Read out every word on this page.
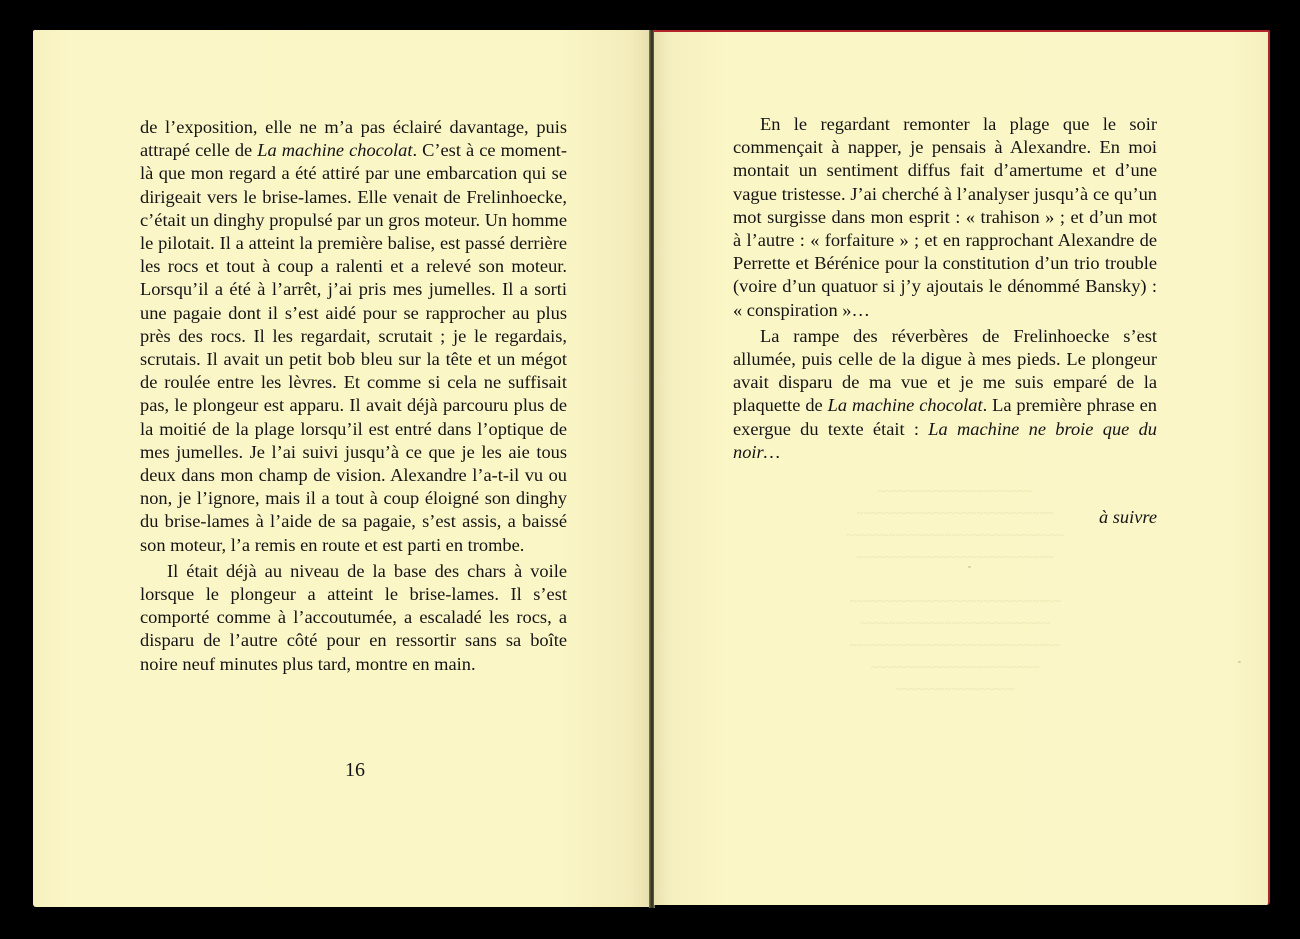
~~~~~~~~~~~~~~~~~~~~~~
~~~~~~~~~~~~~~~~~~~~~~~~~~~~
~~~~~~~~~~~~~~~~~~~~~~~~~~~~~~~
~~~~~~~~~~~~~~~~~~~~~~~~~~~~
~~~~~~~~~~~~~~~~~~~~~~~~~~~~~~
~~~~~~~~~~~~~~~~~~~~~~~~~~~
~~~~~~~~~~~~~~~~~~~~~~~~~~~~~~
~~~~~~~~~~~~~~~~~~~~~~~~
~~~~~~~~~~~~~~~~~

de l’exposition, elle ne m’a pas éclairé davantage, puis attrapé celle de La machine chocolat. C’est à ce moment-là que mon regard a été attiré par une embarcation qui se dirigeait vers le brise-lames. Elle venait de Frelinhoecke, c’était un dinghy propulsé par un gros moteur. Un homme le pilotait. Il a atteint la première balise, est passé derrière les rocs et tout à coup a ralenti et a relevé son moteur. Lorsqu’il a été à l’arrêt, j’ai pris mes jumelles. Il a sorti une pagaie dont il s’est aidé pour se rapprocher au plus près des rocs. Il les regardait, scrutait ; je le regardais, scrutais. Il avait un petit bob bleu sur la tête et un mégot de roulée entre les lèvres. Et comme si cela ne suffisait pas, le plongeur est apparu. Il avait déjà parcouru plus de la moitié de la plage lorsqu’il est entré dans l’optique de mes jumelles. Je l’ai suivi jusqu’à ce que je les aie tous deux dans mon champ de vision. Alexandre l’a-t-il vu ou non, je l’ignore, mais il a tout à coup éloigné son dinghy du brise-lames à l’aide de sa pagaie, s’est assis, a baissé son moteur, l’a remis en route et est parti en trombe.

Il était déjà au niveau de la base des chars à voile lorsque le plongeur a atteint le brise-lames. Il s’est comporté comme à l’accoutumée, a escaladé les rocs, a disparu de l’autre côté pour en ressortir sans sa boîte noire neuf minutes plus tard, montre en main.

16

En le regardant remonter la plage que le soir commençait à napper, je pensais à Alexandre. En moi montait un sentiment diffus fait d’amertume et d’une vague tristesse. J’ai cherché à l’analyser jusqu’à ce qu’un mot surgisse dans mon esprit : « trahison » ; et d’un mot à l’autre : « forfaiture » ; et en rapprochant Alexandre de Perrette et Bérénice pour la constitution d’un trio trouble (voire d’un quatuor si j’y ajoutais le dénommé Bansky) : « conspiration »…

La rampe des réverbères de Frelinhoecke s’est allumée, puis celle de la digue à mes pieds. Le plongeur avait disparu de ma vue et je me suis emparé de la plaquette de La machine chocolat. La première phrase en exergue du texte était : La machine ne broie que du noir…

à suivre
